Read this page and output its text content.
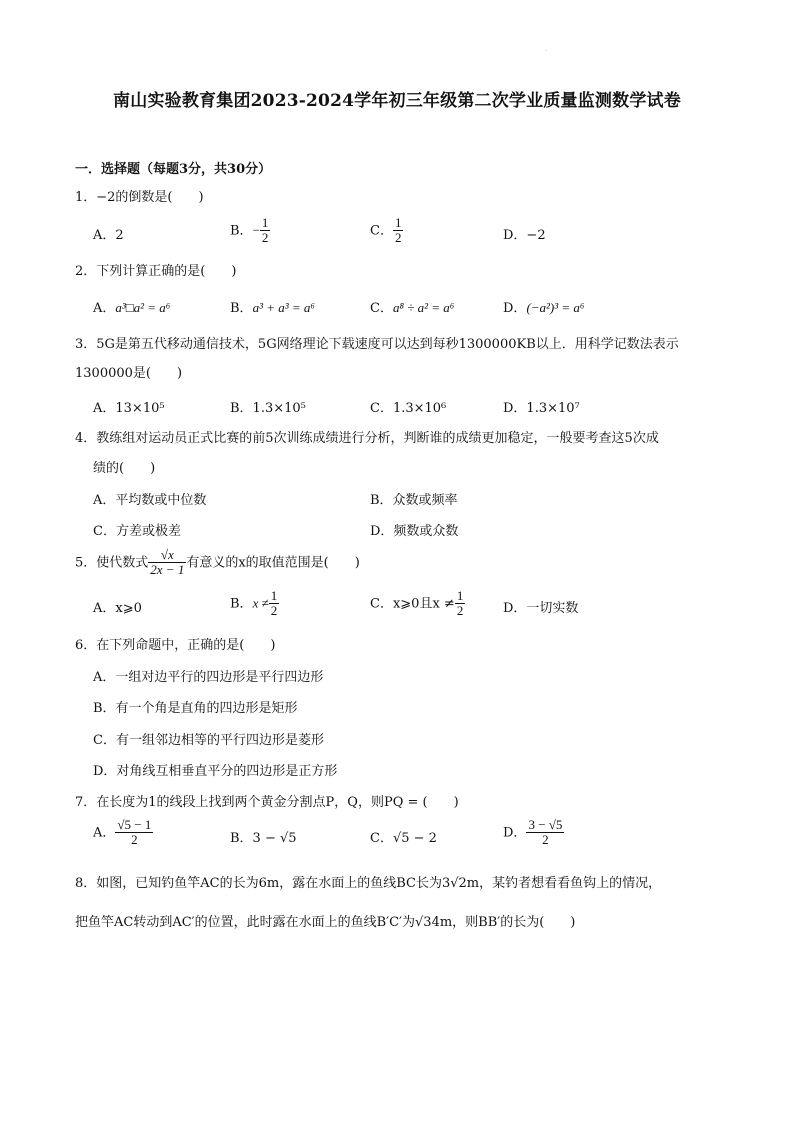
·
南山实验教育集团2023-2024学年初三年级第二次学业质量监测数学试卷
一．选择题（每题3分，共30分）
1．−2的倒数是(　　)
A．2	B．− $\frac{1}{2}$	C． $\frac{1}{2}$	D．−2
2．下列计算正确的是(　　)
A．a³□a² = a⁶	B．a³ + a³ = a⁶	C．a⁸ ÷ a² = a⁶	D．(−a²)³ = a⁶
3．5G是第五代移动通信技术，5G网络理论下载速度可以达到每秒1300000KB以上．用科学记数法表示
1300000是(　　)
A．13×10⁵	B．1.3×10⁵	C．1.3×10⁶	D．1.3×10⁷
4．教练组对运动员正式比赛的前5次训练成绩进行分析，判断谁的成绩更加稳定，一般要考查这5次成
绩的(　　)
A．平均数或中位数	B．众数或频率
C．方差或极差	D．频数或众数
5．使代数式 $\frac{√x}{2x - 1}$ 有意义的x的取值范围是(　　)
A．x⩾0	B．$x \ne \frac{1}{2}$	C．x⩾0且$x \ne \frac{1}{2}$	D．一切实数
6．在下列命题中，正确的是(　　)
A．一组对边平行的四边形是平行四边形
B．有一个角是直角的四边形是矩形
C．有一组邻边相等的平行四边形是菱形
D．对角线互相垂直平分的四边形是正方形
7．在长度为1的线段上找到两个黄金分割点P，Q，则PQ = (　　)
A． $\frac{√5 - 1}{2}$	B．3 − √5	C．√5 − 2	D． $\frac{3 - √5}{2}$
8．如图，已知钓鱼竿AC的长为6m，露在水面上的鱼线BC长为3√2m，某钓者想看看鱼钩上的情况，
把鱼竿AC转动到AC′的位置，此时露在水面上的鱼线B′C′为√34m，则BB′的长为(　　)
